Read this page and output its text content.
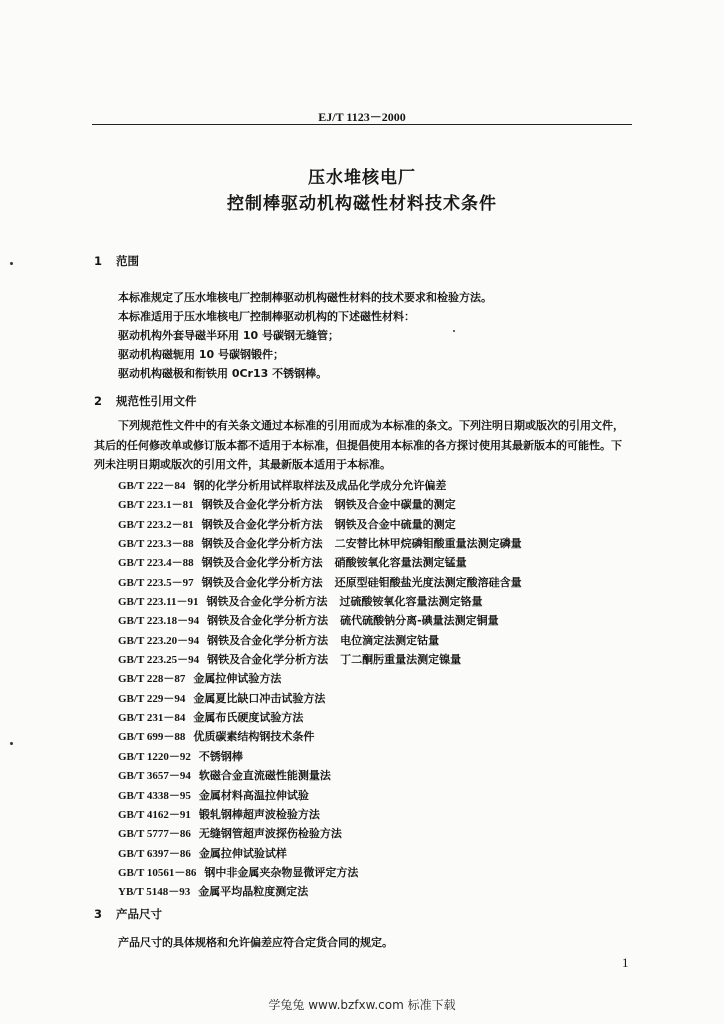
EJ/T 1123－2000
压水堆核电厂
控制棒驱动机构磁性材料技术条件
1 范围
本标准规定了压水堆核电厂控制棒驱动机构磁性材料的技术要求和检验方法。
本标准适用于压水堆核电厂控制棒驱动机构的下述磁性材料：
驱动机构外套导磁半环用 10 号碳钢无缝管；
驱动机构磁轭用 10 号碳钢锻件；
驱动机构磁极和衔铁用 0Cr13 不锈钢棒。
2 规范性引用文件
下列规范性文件中的有关条文通过本标准的引用而成为本标准的条文。下列注明日期或版次的引用文件，其后的任何修改单或修订版本都不适用于本标准，但提倡使用本标准的各方探讨使用其最新版本的可能性。下列未注明日期或版次的引用文件，其最新版本适用于本标准。
GB/T 222－84 钢的化学分析用试样取样法及成品化学成分允许偏差
GB/T 223.1－81 钢铁及合金化学分析方法 钢铁及合金中碳量的测定
GB/T 223.2－81 钢铁及合金化学分析方法 钢铁及合金中硫量的测定
GB/T 223.3－88 钢铁及合金化学分析方法 二安替比林甲烷磷钼酸重量法测定磷量
GB/T 223.4－88 钢铁及合金化学分析方法 硝酸铵氧化容量法测定锰量
GB/T 223.5－97 钢铁及合金化学分析方法 还原型硅钼酸盐光度法测定酸溶硅含量
GB/T 223.11－91 钢铁及合金化学分析方法 过硫酸铵氧化容量法测定铬量
GB/T 223.18－94 钢铁及合金化学分析方法 硫代硫酸钠分离-碘量法测定铜量
GB/T 223.20－94 钢铁及合金化学分析方法 电位滴定法测定钴量
GB/T 223.25－94 钢铁及合金化学分析方法 丁二酮肟重量法测定镍量
GB/T 228－87 金属拉伸试验方法
GB/T 229－94 金属夏比缺口冲击试验方法
GB/T 231－84 金属布氏硬度试验方法
GB/T 699－88 优质碳素结构钢技术条件
GB/T 1220－92 不锈钢棒
GB/T 3657－94 软磁合金直流磁性能测量法
GB/T 4338－95 金属材料高温拉伸试验
GB/T 4162－91 锻轧钢棒超声波检验方法
GB/T 5777－86 无缝钢管超声波探伤检验方法
GB/T 6397－86 金属拉伸试验试样
GB/T 10561－86 钢中非金属夹杂物显微评定方法
YB/T 5148－93 金属平均晶粒度测定法
3 产品尺寸
产品尺寸的具体规格和允许偏差应符合定货合同的规定。
1
学兔兔 www.bzfxw.com 标准下载
